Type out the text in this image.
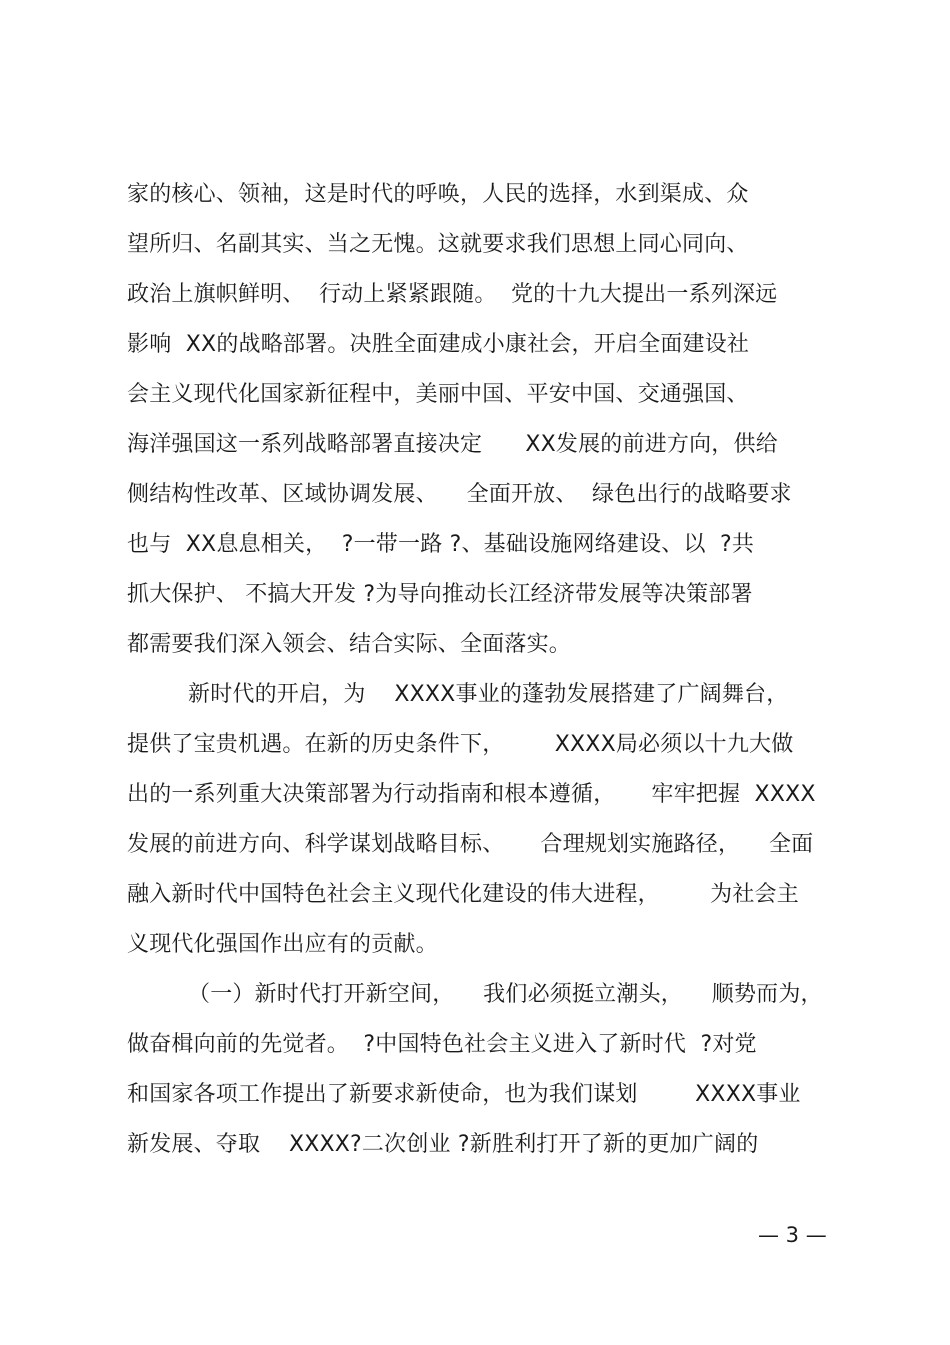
家的核心、领袖，这是时代的呼唤，人民的选择，水到渠成、众
望所归、名副其实、当之无愧。这就要求我们思想上同心同向、
政治上旗帜鲜明、  行动上紧紧跟随。  党的十九大提出一系列深远
影响  XX的战略部署。决胜全面建成小康社会，开启全面建设社
会主义现代化国家新征程中，美丽中国、平安中国、交通强国、
海洋强国这一系列战略部署直接决定      XX发展的前进方向，供给
侧结构性改革、区域协调发展、    全面开放、  绿色出行的战略要求
也与  XX息息相关，  ?一带一路 ?、基础设施网络建设、以  ?共
抓大保护、 不搞大开发 ?为导向推动长江经济带发展等决策部署
都需要我们深入领会、结合实际、全面落实。
新时代的开启，为    XXXX事业的蓬勃发展搭建了广阔舞台，
提供了宝贵机遇。在新的历史条件下，       XXXX局必须以十九大做
出的一系列重大决策部署为行动指南和根本遵循，     牢牢把握  XXXX
发展的前进方向、科学谋划战略目标、     合理规划实施路径，    全面
融入新时代中国特色社会主义现代化建设的伟大进程，       为社会主
义现代化强国作出应有的贡献。
（一）新时代打开新空间，    我们必须挺立潮头，    顺势而为，
做奋楫向前的先觉者。  ?中国特色社会主义进入了新时代  ?对党
和国家各项工作提出了新要求新使命，也为我们谋划        XXXX事业
新发展、夺取    XXXX?二次创业 ?新胜利打开了新的更加广阔的
— 3 —
